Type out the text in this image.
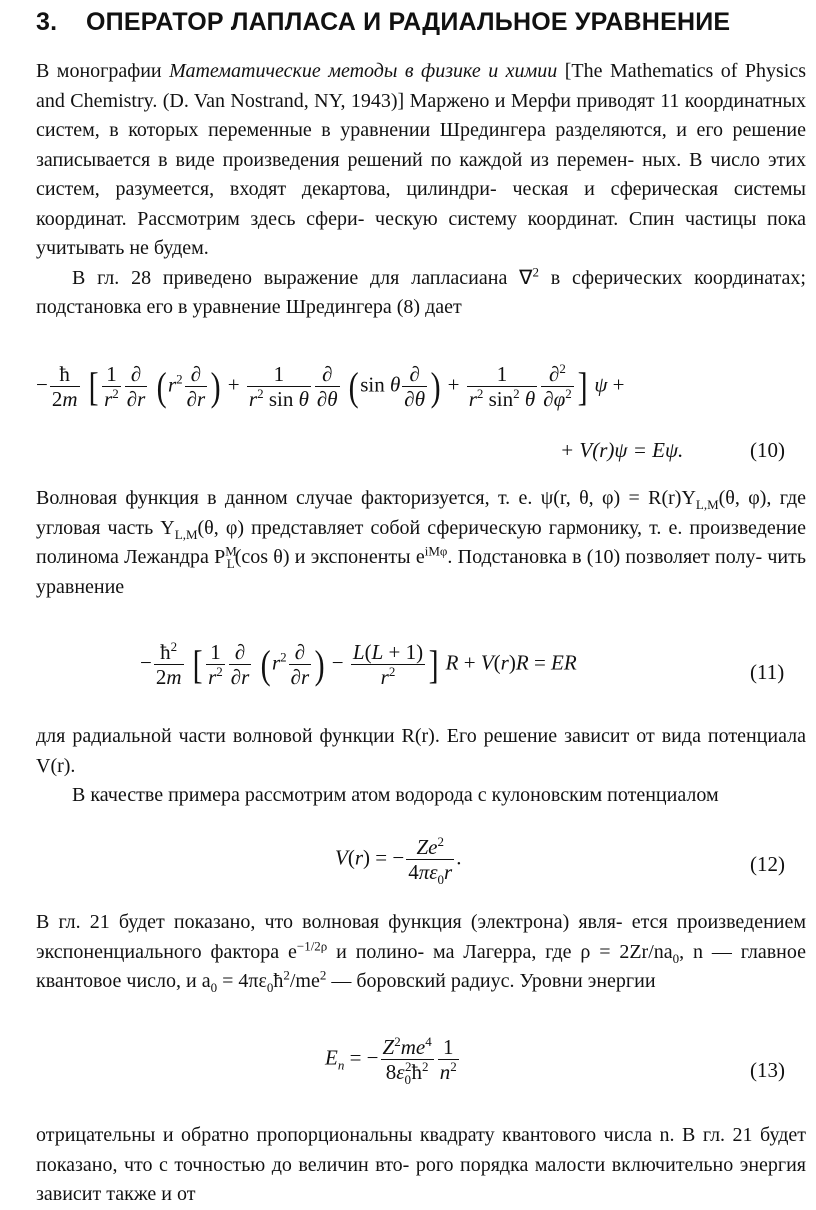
3. ОПЕРАТОР ЛАПЛАСА И РАДИАЛЬНОЕ УРАВНЕНИЕ

В монографии Математические методы в физике и химии [The Mathematics of Physics and Chemistry. (D. Van Nostrand, NY, 1943)] Маржено и Мерфи приводят 11 координатных систем, в которых переменные в уравнении Шредингера разделяются, и его решение записывается в виде произведения решений по каждой из перемен- ных. В число этих систем, разумеется, входят декартова, цилиндри- ческая и сферическая системы координат. Рассмотрим здесь сфери- ческую систему координат. Спин частицы пока учитывать не будем.

В гл. 28 приведено выражение для лапласиана ∇$^2$ в сферических координатах; подстановка его в уравнение Шредингера (8) дает

− $\frac{ħ}{2m}$ [ $\frac{1}{r^2} \frac{\partial}{\partial r} (r^2 \frac{\partial}{\partial r}$ ) + $\frac{1}{r^2 \sin \theta} \frac{\partial}{\partial\theta} (\sin$ θ $\frac{\partial}{\partial\theta}$ ) + $\frac{1}{r^2 \sin^2 \theta} \frac{\partial^2}{\partial\varphi^2}$ ] ψ +
+ V(r)ψ = Eψ.	(10)

Волновая функция в данном случае факторизуется, т. е. ψ(r, θ, $\varphi) = R(r)Y_{L,M}(\theta$, φ), где угловая часть $Y_{L,M}(\theta$, φ) представляет собой сферическую гармонику, т. е. произведение полинома Лежандра $P^M_L(\cos$ θ) и экспоненты $e^{iM\varphi}$. Подстановка в (10) позволяет полу- чить уравнение

− $\frac{ħ^2}{2m}$ [ $\frac{1}{r^2} \frac{\partial}{\partial r} (r^2 \frac{\partial}{\partial r}$ ) − $\frac{L(L + 1)}{r^2}$ ] R + V(r)R = ER	(11)

для радиальной части волновой функции R(r). Его решение зависит от вида потенциала V(r).

В качестве примера рассмотрим атом водорода с кулоновским потенциалом

V(r) = − $\frac{Ze^2}{4\pi\varepsilon_0r}$ .	(12)

В гл. 21 будет показано, что волновая функция (электрона) явля- ется произведением экспоненциального фактора $e^{-1/2\rho}$ и полино- ма Лагерра, где $\rho = 2Zr/na_0$, n — главное квантовое число, и $a_0$ = $4\pi\varepsilon_0ħ^2/me^2$ — боровский радиус. Уровни энергии

$E_n$ = − $\frac{Z^2me^4}{8\varepsilon_0^2ħ^2} \frac{1}{n^2}$	(13)

отрицательны и обратно пропорциональны квадрату квантового числа n. В гл. 21 будет показано, что с точностью до величин вто- рого порядка малости включительно энергия зависит также и от
